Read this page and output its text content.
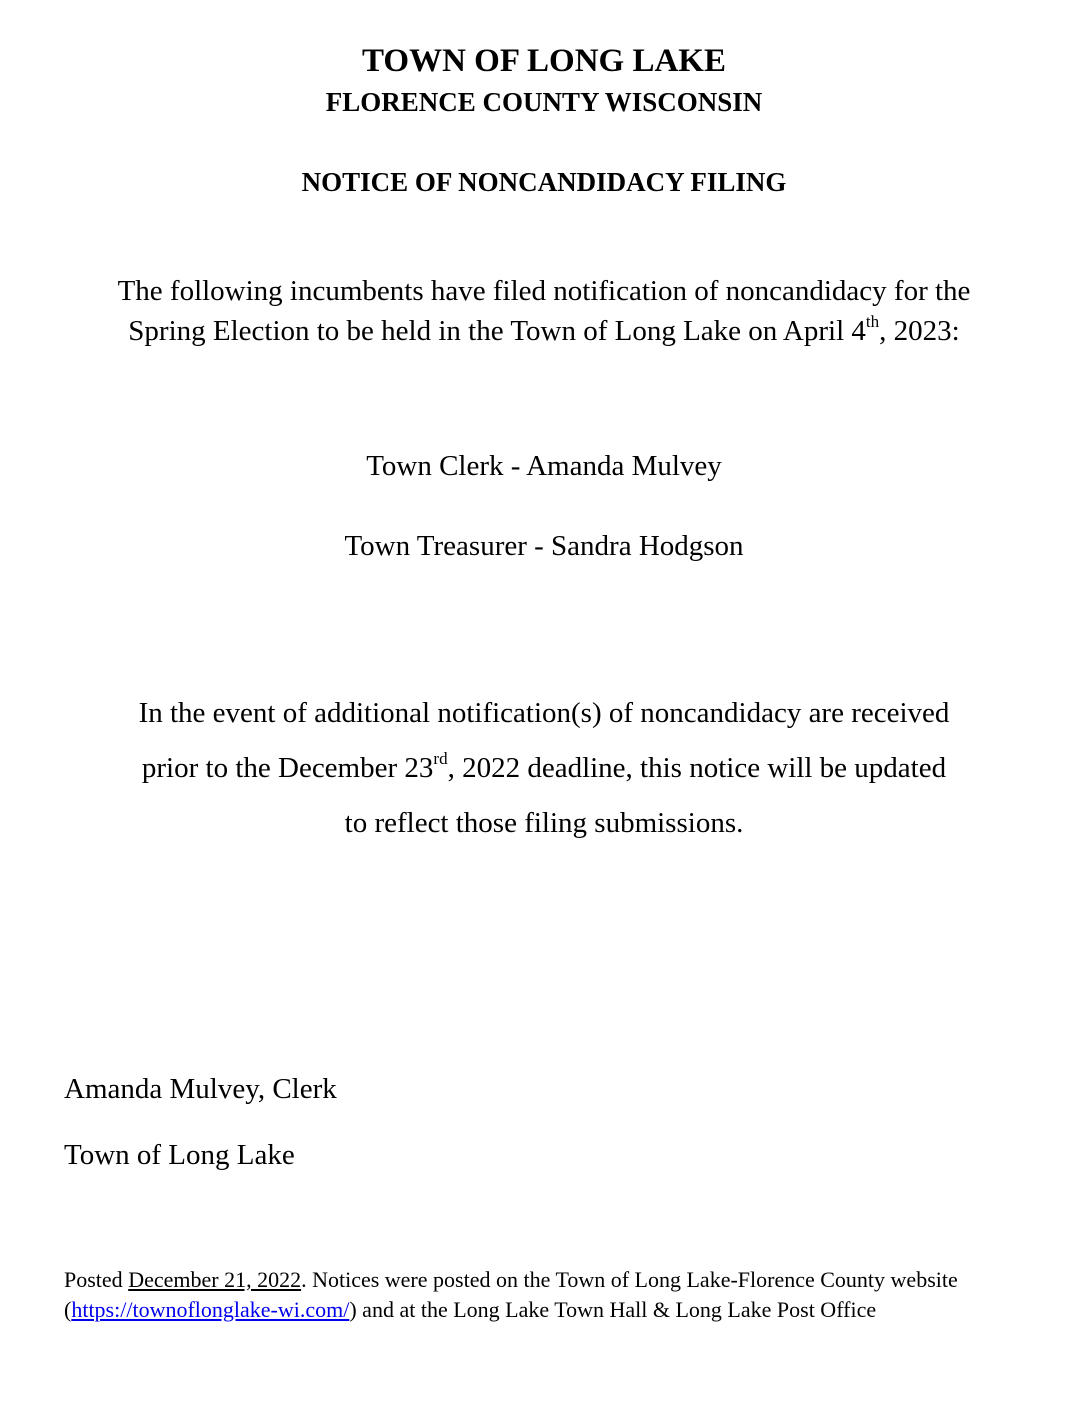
TOWN OF LONG LAKE
FLORENCE COUNTY WISCONSIN
NOTICE OF NONCANDIDACY FILING
The following incumbents have filed notification of noncandidacy for the
Spring Election to be held in the Town of Long Lake on April 4th, 2023:
Town Clerk - Amanda Mulvey
Town Treasurer - Sandra Hodgson
In the event of additional notification(s) of noncandidacy are received
prior to the December 23rd, 2022 deadline, this notice will be updated
to reflect those filing submissions.
Amanda Mulvey, Clerk
Town of Long Lake
Posted December 21, 2022. Notices were posted on the Town of Long Lake-Florence County website (https://townoflonglake-wi.com/) and at the Long Lake Town Hall & Long Lake Post Office
